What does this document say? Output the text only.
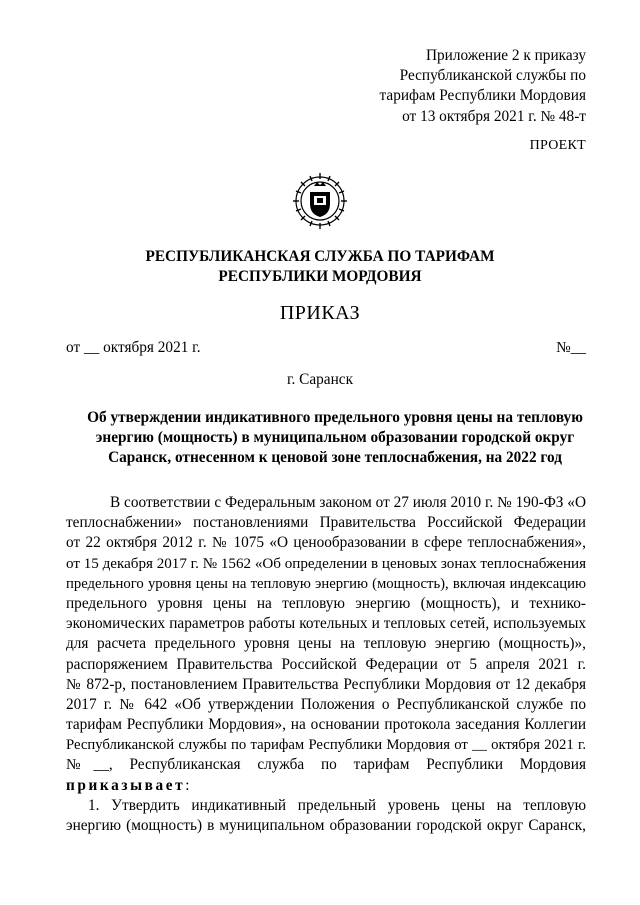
Приложение 2 к приказу
Республиканской службы по
тарифам Республики Мордовия
от 13 октября 2021 г. № 48-т
ПРОЕКТ
РЕСПУБЛИКАНСКАЯ СЛУЖБА ПО ТАРИФАМ
РЕСПУБЛИКИ МОРДОВИЯ
ПРИКАЗ
от __ октября 2021 г.	№__
г. Саранск
Об утверждении индикативного предельного уровня цены на тепловую
энергию (мощность) в муниципальном образовании городской округ
Саранск, отнесенном к ценовой зоне теплоснабжения, на 2022 год
В соответствии с Федеральным законом от 27 июля 2010 г. № 190-ФЗ «О
теплоснабжении» постановлениями Правительства Российской Федерации
от 22 октября 2012 г. № 1075 «О ценообразовании в сфере теплоснабжения»,
от 15 декабря 2017 г. № 1562 «Об определении в ценовых зонах теплоснабжения
предельного уровня цены на тепловую энергию (мощность), включая индексацию
предельного уровня цены на тепловую энергию (мощность), и технико-
экономических параметров работы котельных и тепловых сетей, используемых
для расчета предельного уровня цены на тепловую энергию (мощность)»,
распоряжением Правительства Российской Федерации от 5 апреля 2021 г.
№ 872-р, постановлением Правительства Республики Мордовия от 12 декабря
2017 г. № 642 «Об утверждении Положения о Республиканской службе по
тарифам Республики Мордовия», на основании протокола заседания Коллегии
Республиканской службы по тарифам Республики Мордовия от __ октября 2021 г.
№__, Республиканская служба по тарифам Республики Мордовия
приказывает:
1. Утвердить индикативный предельный уровень цены на тепловую
энергию (мощность) в муниципальном образовании городской округ Саранск,
